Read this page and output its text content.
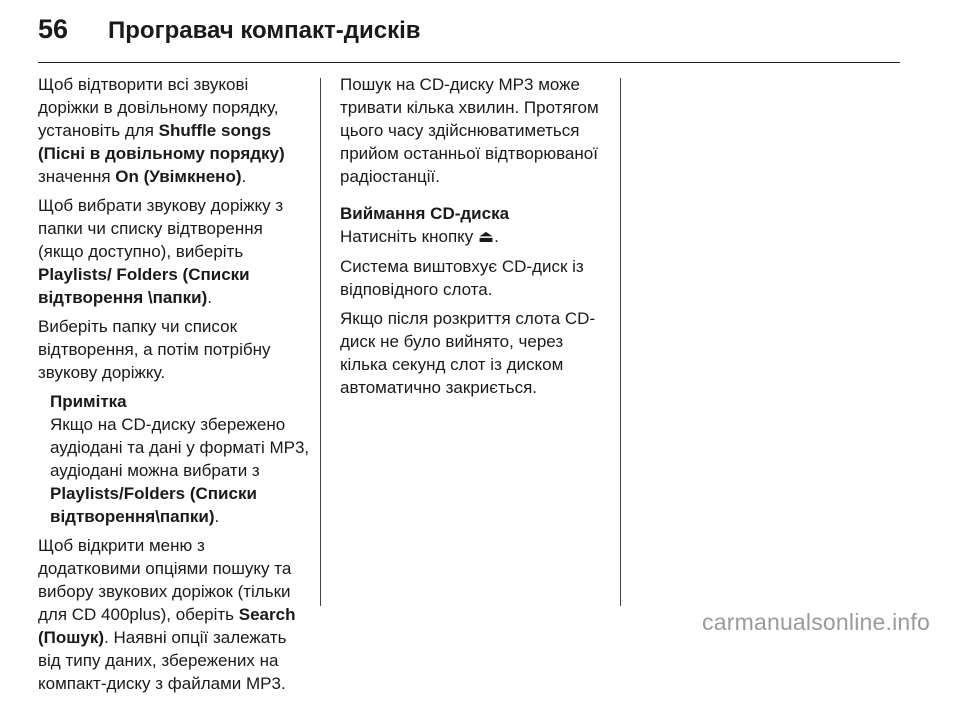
56	Програвач компакт-дисків

Щоб відтворити всі звукові доріжки в довільному порядку, установіть для Shuffle songs (Пісні в довільному порядку) значення On (Увімкнено).

Щоб вибрати звукову доріжку з папки чи списку відтворення (якщо доступно), виберіть Playlists/ Folders (Списки відтворення \папки).

Виберіть папку чи список відтворення, а потім потрібну звукову доріжку.

Примітка
Якщо на CD-диску збережено аудіодані та дані у форматі MP3, аудіодані можна вибрати з Playlists/Folders (Списки відтворення\папки).

Щоб відкрити меню з додатковими опціями пошуку та вибору звукових доріжок (тільки для CD 400plus), оберіть Search (Пошук). Наявні опції залежать від типу даних, збережених на компакт-диску з файлами MP3.

Пошук на CD-диску MP3 може тривати кілька хвилин. Протягом цього часу здійснюватиметься прийом останньої відтворюваної радіостанції.

Виймання CD-диска

Натисніть кнопку ⏏.

Система виштовхує CD-диск із відповідного слота.

Якщо після розкриття слота CD-диск не було вийнято, через кілька секунд слот із диском автоматично закриється.

carmanualsonline.info
